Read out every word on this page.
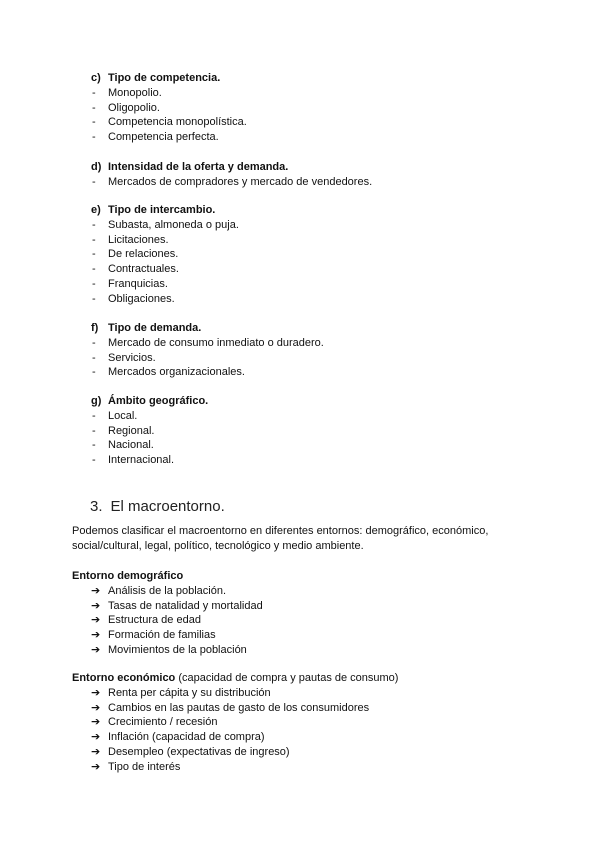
c) Tipo de competencia.
- Monopolio.
- Oligopolio.
- Competencia monopolística.
- Competencia perfecta.
d) Intensidad de la oferta y demanda.
- Mercados de compradores y mercado de vendedores.
e) Tipo de intercambio.
- Subasta, almoneda o puja.
- Licitaciones.
- De relaciones.
- Contractuales.
- Franquicias.
- Obligaciones.
f) Tipo de demanda.
- Mercado de consumo inmediato o duradero.
- Servicios.
- Mercados organizacionales.
g) Ámbito geográfico.
- Local.
- Regional.
- Nacional.
- Internacional.
3. El macroentorno.
Podemos clasificar el macroentorno en diferentes entornos: demográfico, económico, social/cultural, legal, político, tecnológico y medio ambiente.
Entorno demográfico
➔ Análisis de la población.
➔ Tasas de natalidad y mortalidad
➔ Estructura de edad
➔ Formación de familias
➔ Movimientos de la población
Entorno económico (capacidad de compra y pautas de consumo)
➔ Renta per cápita y su distribución
➔ Cambios en las pautas de gasto de los consumidores
➔ Crecimiento / recesión
➔ Inflación (capacidad de compra)
➔ Desempleo (expectativas de ingreso)
➔ Tipo de interés
